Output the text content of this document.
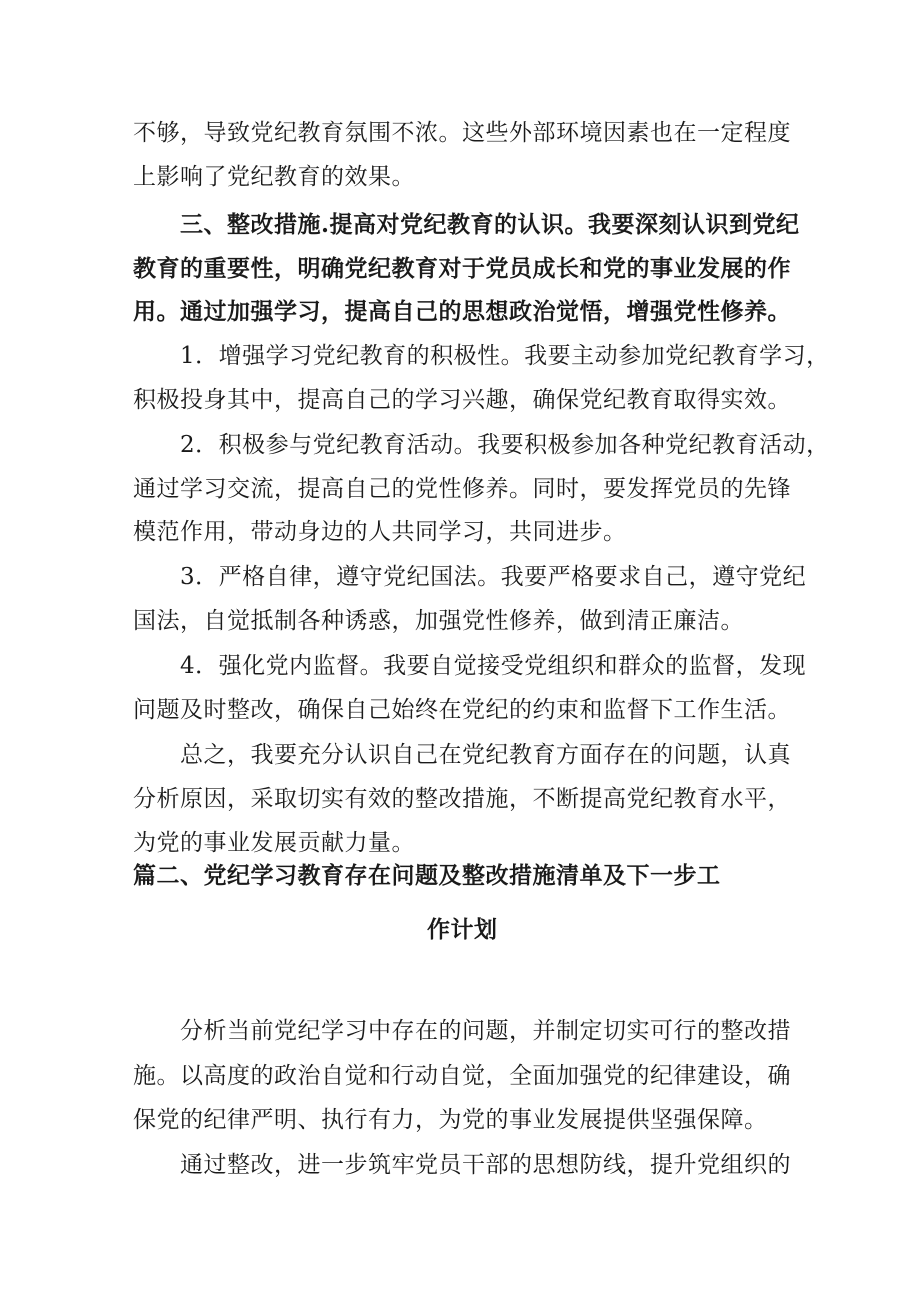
不够，导致党纪教育氛围不浓。这些外部环境因素也在一定程度

上影响了党纪教育的效果。

三、整改措施.提高对党纪教育的认识。我要深刻认识到党纪

教育的重要性，明确党纪教育对于党员成长和党的事业发展的作

用。通过加强学习，提高自己的思想政治觉悟，增强党性修养。

1．增强学习党纪教育的积极性。我要主动参加党纪教育学习，

积极投身其中，提高自己的学习兴趣，确保党纪教育取得实效。

2．积极参与党纪教育活动。我要积极参加各种党纪教育活动，

通过学习交流，提高自己的党性修养。同时，要发挥党员的先锋

模范作用，带动身边的人共同学习，共同进步。

3．严格自律，遵守党纪国法。我要严格要求自己，遵守党纪

国法，自觉抵制各种诱惑，加强党性修养，做到清正廉洁。

4．强化党内监督。我要自觉接受党组织和群众的监督，发现

问题及时整改，确保自己始终在党纪的约束和监督下工作生活。

总之，我要充分认识自己在党纪教育方面存在的问题，认真

分析原因，采取切实有效的整改措施，不断提高党纪教育水平，

为党的事业发展贡献力量。

篇二、党纪学习教育存在问题及整改措施清单及下一步工

作计划

分析当前党纪学习中存在的问题，并制定切实可行的整改措

施。以高度的政治自觉和行动自觉，全面加强党的纪律建设，确

保党的纪律严明、执行有力，为党的事业发展提供坚强保障。

通过整改，进一步筑牢党员干部的思想防线，提升党组织的
